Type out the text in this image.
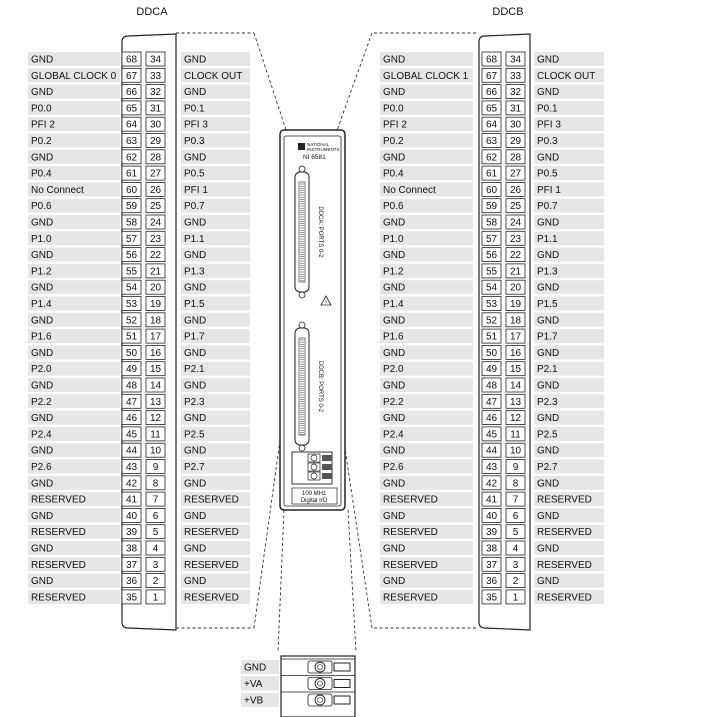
DDCA
GND	68 34 GND
GLOBAL CLOCK 0 67 33 CLOCK OUT
GND	66 32 GND
P0.0	65 31 P0.1
PFI 2	64 30 PFI 3
P0.2	63 29 P0.3
GND	62 28 GND
P0.4	61 27 P0.5
No Connect	60 26 PFI 1
P0.6	59 25 P0.7
GND	58 24 GND
P1.0	57 23 P1.1
GND	56 22 GND
P1.2	55 21 P1.3
GND	54 20 GND
P1.4	53 19 P1.5
GND	52 18 GND
P1.6	51 17 P1.7
GND	50 16 GND
P2.0	49 15 P2.1
GND	48 14 GND
P2.2	47 13 P2.3
GND	46 12 GND
P2.4	45 11 P2.5
GND	44 10 GND
P2.6	43 9	P2.7
GND	42 8	GND
RESERVED	41 7	RESERVED
GND	40 6	GND
RESERVED	39 5	RESERVED
GND	38 4	GND
RESERVED	37 3	RESERVED
GND	36 2	GND
RESERVED	35 1	RESERVED
DDCB
GND	68 34 GND
GLOBAL CLOCK 1 67 33 CLOCK OUT
GND	66 32 GND
P0.0	65 31 P0.1
PFI 2	64 30 PFI 3
P0.2	63 29 P0.3
GND	62 28 GND
P0.4	61 27 P0.5
No Connect	60 26 PFI 1
P0.6	59 25 P0.7
GND	58 24 GND
P1.0	57 23 P1.1
GND	56 22 GND
P1.2	55 21 P1.3
GND	54 20 GND
P1.4	53 19 P1.5
GND	52 18 GND
P1.6	51 17 P1.7
GND	50 16 GND
P2.0	49 15 P2.1
GND	48 14 GND
P2.2	47 13 P2.3
GND	46 12 GND
P2.4	45 11 P2.5
GND	44 10 GND
P2.6	43 9 P2.7
GND	42 8 GND
RESERVED	41 7 RESERVED
GND	40 6 GND
RESERVED	39 5 RESERVED
GND	38 4 GND
RESERVED	37 3 RESERVED
GND	36 2 GND
RESERVED	35 1 RESERVED
NATIONAL
INSTRUMENTS
NI 6581
DDCA: PORTS 0-2
DDCB: PORTS 0-2
!
100 MHz
Digital I/O
GND
+VA
+VB
